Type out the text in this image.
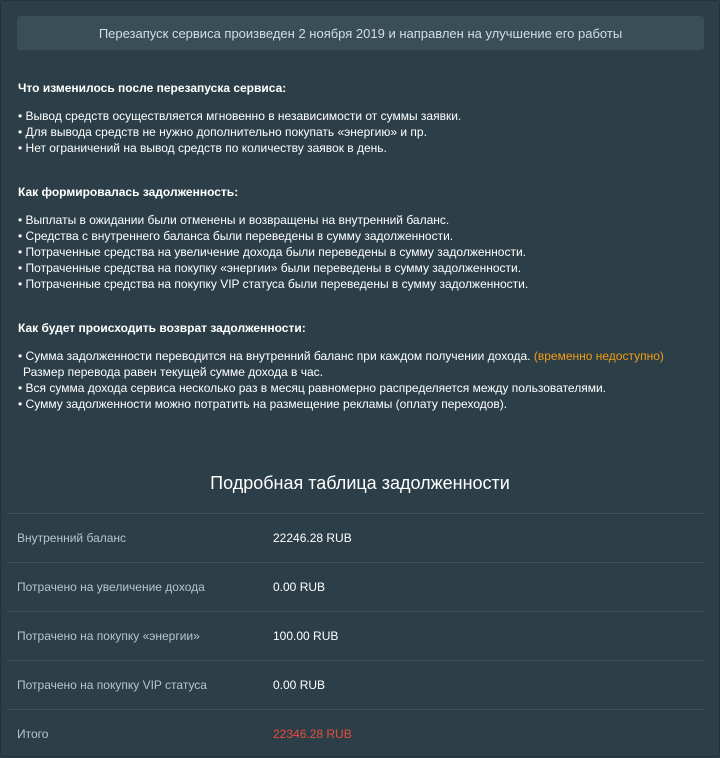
Перезапуск сервиса произведен 2 ноября 2019 и направлен на улучшение его работы
Что изменилось после перезапуска сервиса:
• Вывод средств осуществляется мгновенно в независимости от суммы заявки.
• Для вывода средств не нужно дополнительно покупать «энергию» и пр.
• Нет ограничений на вывод средств по количеству заявок в день.
Как формировалась задолженность:
• Выплаты в ожидании были отменены и возвращены на внутренний баланс.
• Средства с внутреннего баланса были переведены в сумму задолженности.
• Потраченные средства на увеличение дохода были переведены в сумму задолженности.
• Потраченные средства на покупку «энергии» были переведены в сумму задолженности.
• Потраченные средства на покупку VIP статуса были переведены в сумму задолженности.
Как будет происходить возврат задолженности:
• Сумма задолженности переводится на внутренний баланс при каждом получении дохода. (временно недоступно)
Размер перевода равен текущей сумме дохода в час.
• Вся сумма дохода сервиса несколько раз в месяц равномерно распределяется между пользователями.
• Сумму задолженности можно потратить на размещение рекламы (оплату переходов).
Подробная таблица задолженности
Внутренний баланс	22246.28 RUB
Потрачено на увеличение дохода	0.00 RUB
Потрачено на покупку «энергии»	100.00 RUB
Потрачено на покупку VIP статуса	0.00 RUB
Итого	22346.28 RUB
